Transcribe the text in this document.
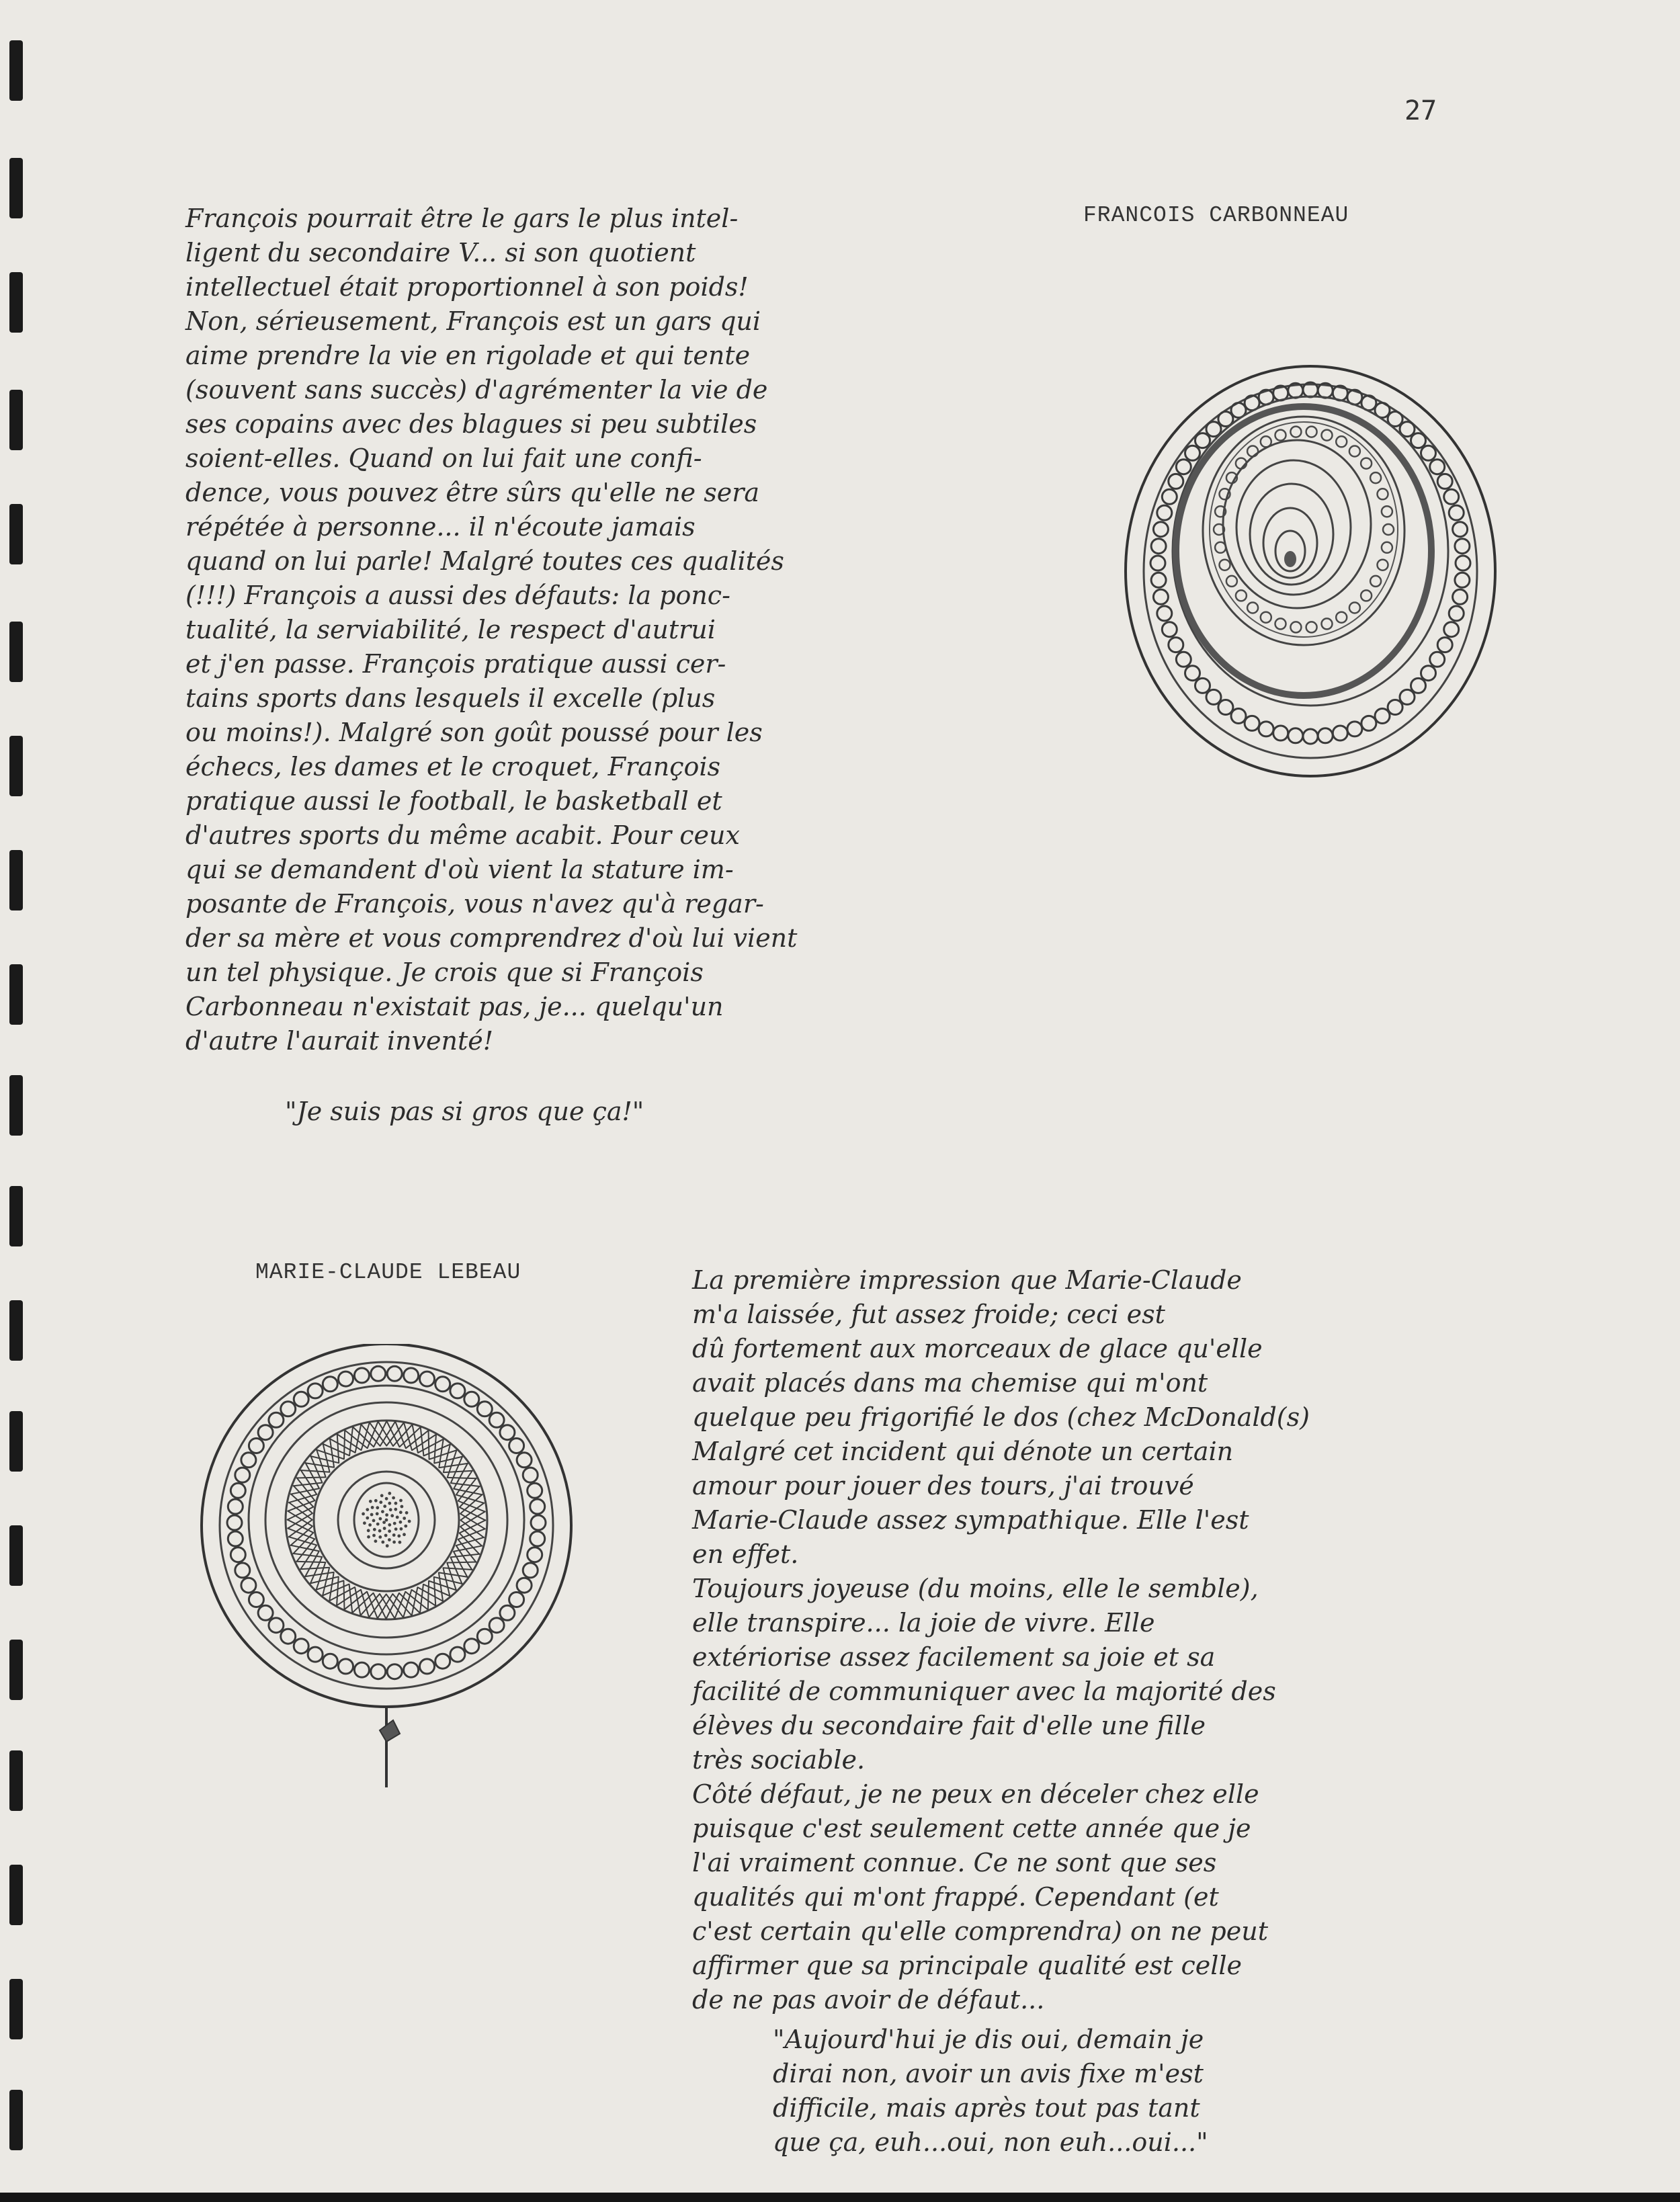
27
FRANCOIS CARBONNEAU

François pourrait être le gars le plus intel-

ligent du secondaire V... si son quotient

intellectuel était proportionnel à son poids!

Non, sérieusement, François est un gars qui

aime prendre la vie en rigolade et qui tente

(souvent sans succès) d'agrémenter la vie de

ses copains avec des blagues si peu subtiles

soient-elles. Quand on lui fait une confi-

dence, vous pouvez être sûrs qu'elle ne sera

répétée à personne... il n'écoute jamais

quand on lui parle! Malgré toutes ces qualités

(!!!) François a aussi des défauts: la ponc-

tualité, la serviabilité, le respect d'autrui

et j'en passe. François pratique aussi cer-

tains sports dans lesquels il excelle (plus

ou moins!). Malgré son goût poussé pour les

échecs, les dames et le croquet, François

pratique aussi le football, le basketball et

d'autres sports du même acabit. Pour ceux

qui se demandent d'où vient la stature im-

posante de François, vous n'avez qu'à regar-

der sa mère et vous comprendrez d'où lui vient

un tel physique. Je crois que si François

Carbonneau n'existait pas, je... quelqu'un

d'autre l'aurait inventé!

"Je suis pas si gros que ça!"
MARIE-CLAUDE LEBEAU	La première impression que Marie-Claude

m'a laissée, fut assez froide; ceci est

dû fortement aux morceaux de glace qu'elle

avait placés dans ma chemise qui m'ont

quelque peu frigorifié le dos (chez McDonald(s)

Malgré cet incident qui dénote un certain

amour pour jouer des tours, j'ai trouvé

Marie-Claude assez sympathique. Elle l'est

en effet.

Toujours joyeuse (du moins, elle le semble),

elle transpire... la joie de vivre. Elle

extériorise assez facilement sa joie et sa

facilité de communiquer avec la majorité des

élèves du secondaire fait d'elle une fille

très sociable.

Côté défaut, je ne peux en déceler chez elle

puisque c'est seulement cette année que je

l'ai vraiment connue. Ce ne sont que ses

qualités qui m'ont frappé. Cependant (et

c'est certain qu'elle comprendra) on ne peut

affirmer que sa principale qualité est celle

de ne pas avoir de défaut...

"Aujourd'hui je dis oui, demain je

dirai non, avoir un avis fixe m'est

difficile, mais après tout pas tant

que ça, euh...oui, non euh...oui..."
